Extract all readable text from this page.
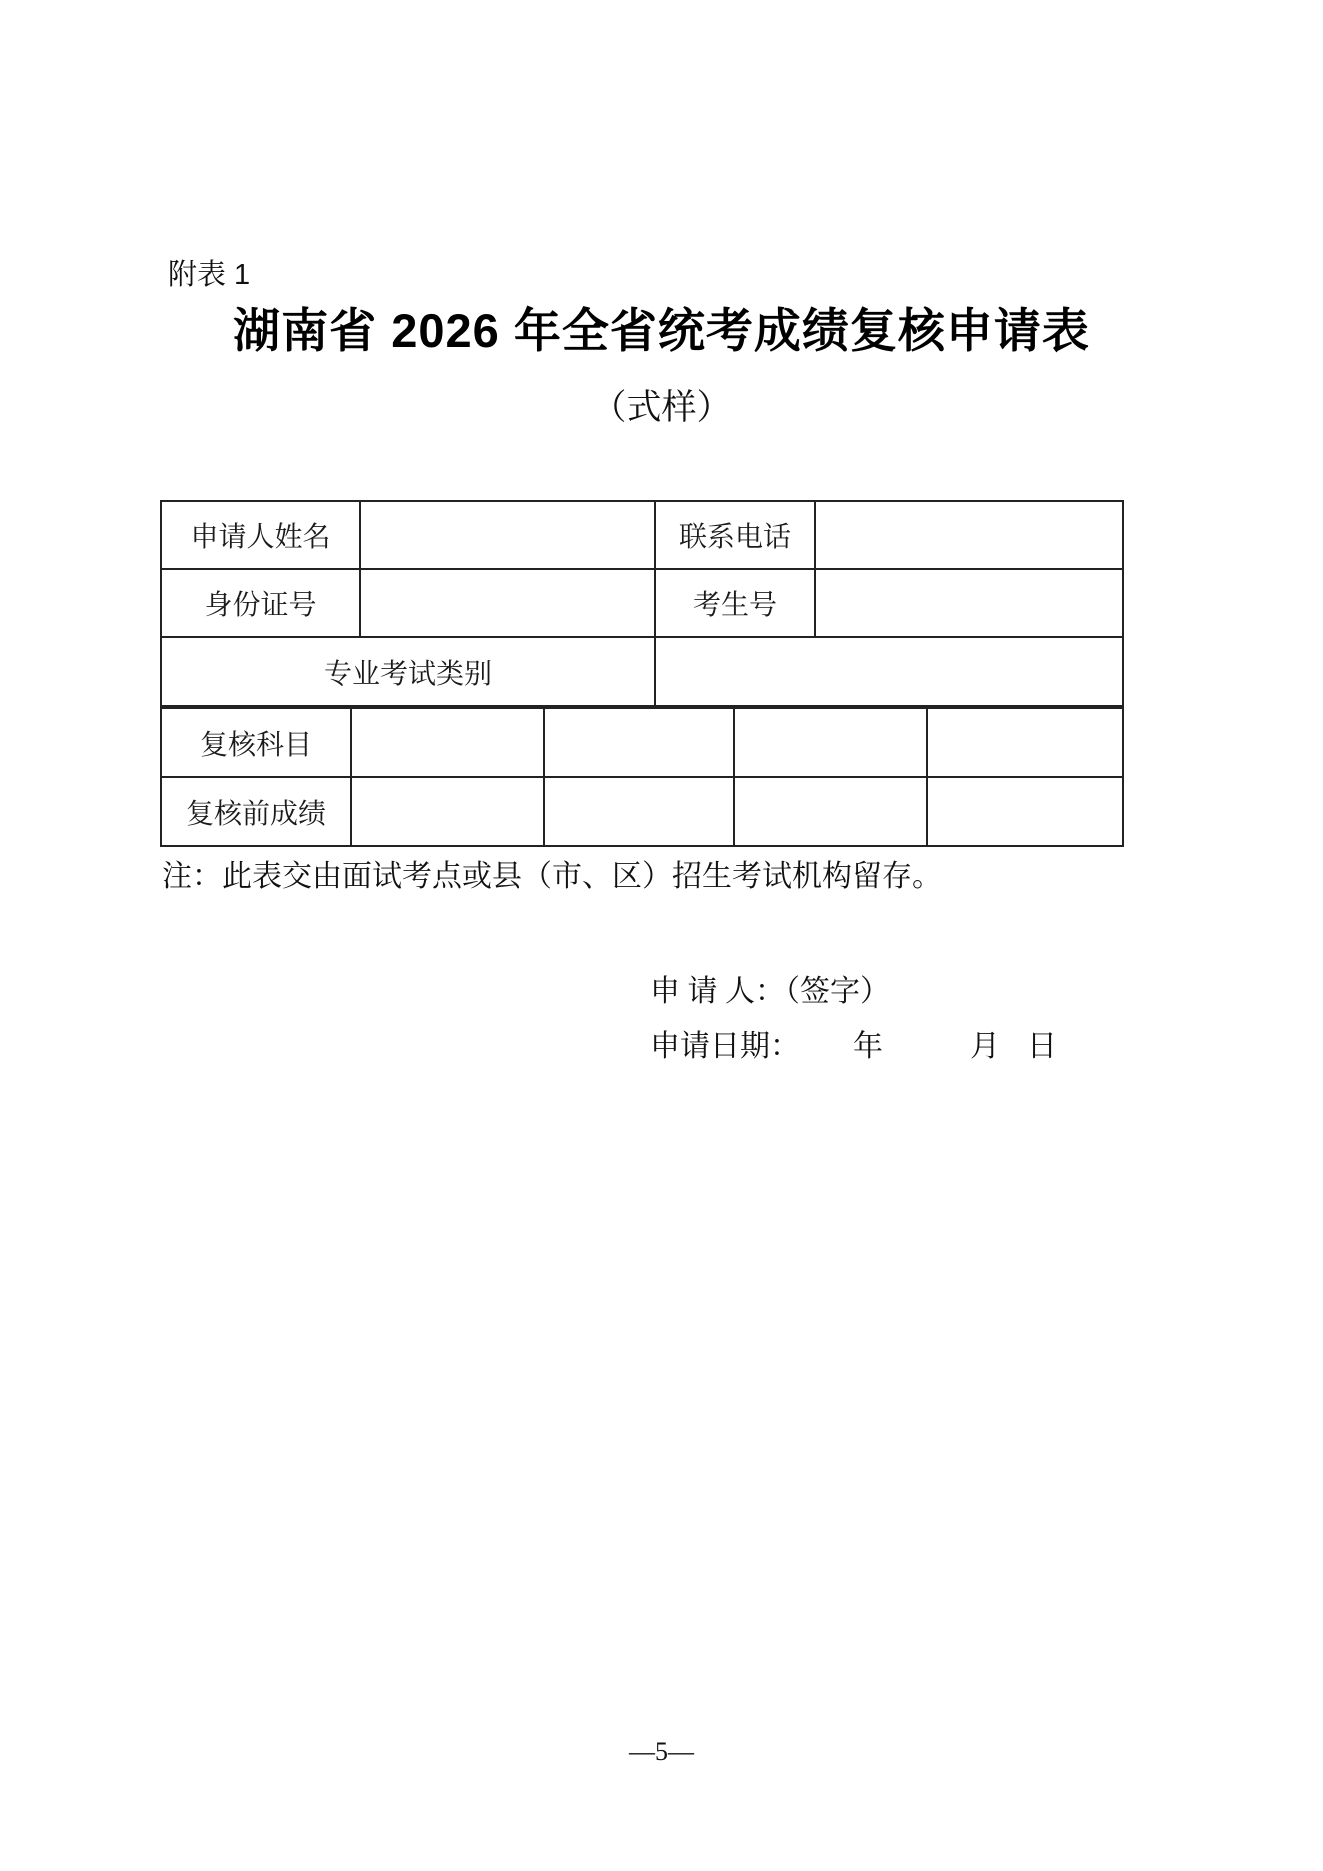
附表 1
湖南省 2026 年全省统考成绩复核申请表
（式样）
申请人姓名		联系电话	
身份证号		考生号	
专业考试类别			
复核科目				
复核前成绩				

注：此表交由面试考点或县（市、区）招生考试机构留存。

申 请 人：（签字）
申请日期： 年	月 日
—5—
